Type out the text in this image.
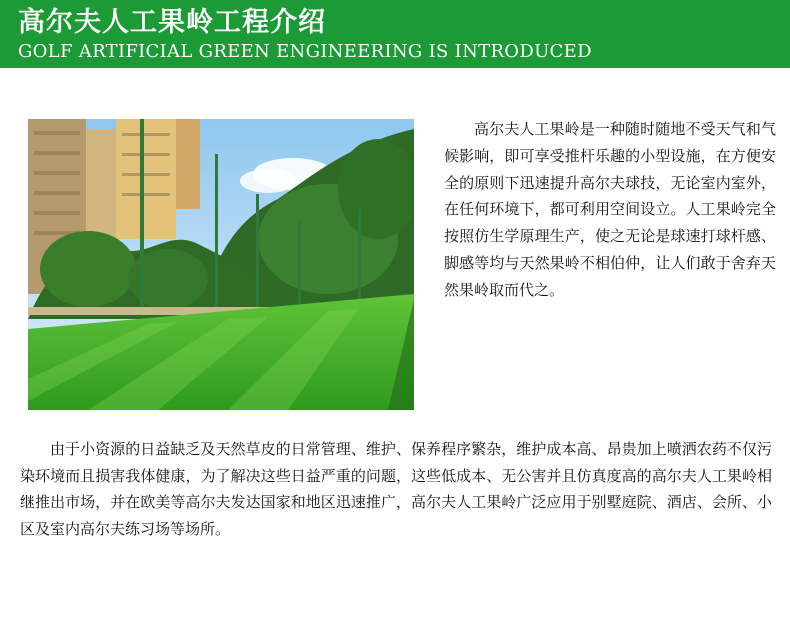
高尔夫人工果岭工程介绍

GOLF ARTIFICIAL GREEN ENGINEERING IS INTRODUCED

高尔夫人工果岭是一种随时随地不受天气和气候影响，即可享受推杆乐趣的小型设施，在方便安全的原则下迅速提升高尔夫球技，无论室内室外，在任何环境下，都可利用空间设立。人工果岭完全按照仿生学原理生产，使之无论是球速打球杆感、脚感等均与天然果岭不相伯仲，让人们敢于舍弃天然果岭取而代之。

由于小资源的日益缺乏及天然草皮的日常管理、维护、保养程序繁杂，维护成本高、昂贵加上喷洒农药不仅污染环境而且损害我体健康，为了解决这些日益严重的问题，这些低成本、无公害并且仿真度高的高尔夫人工果岭相继推出市场，并在欧美等高尔夫发达国家和地区迅速推广，高尔夫人工果岭广泛应用于别墅庭院、酒店、会所、小区及室内高尔夫练习场等场所。
